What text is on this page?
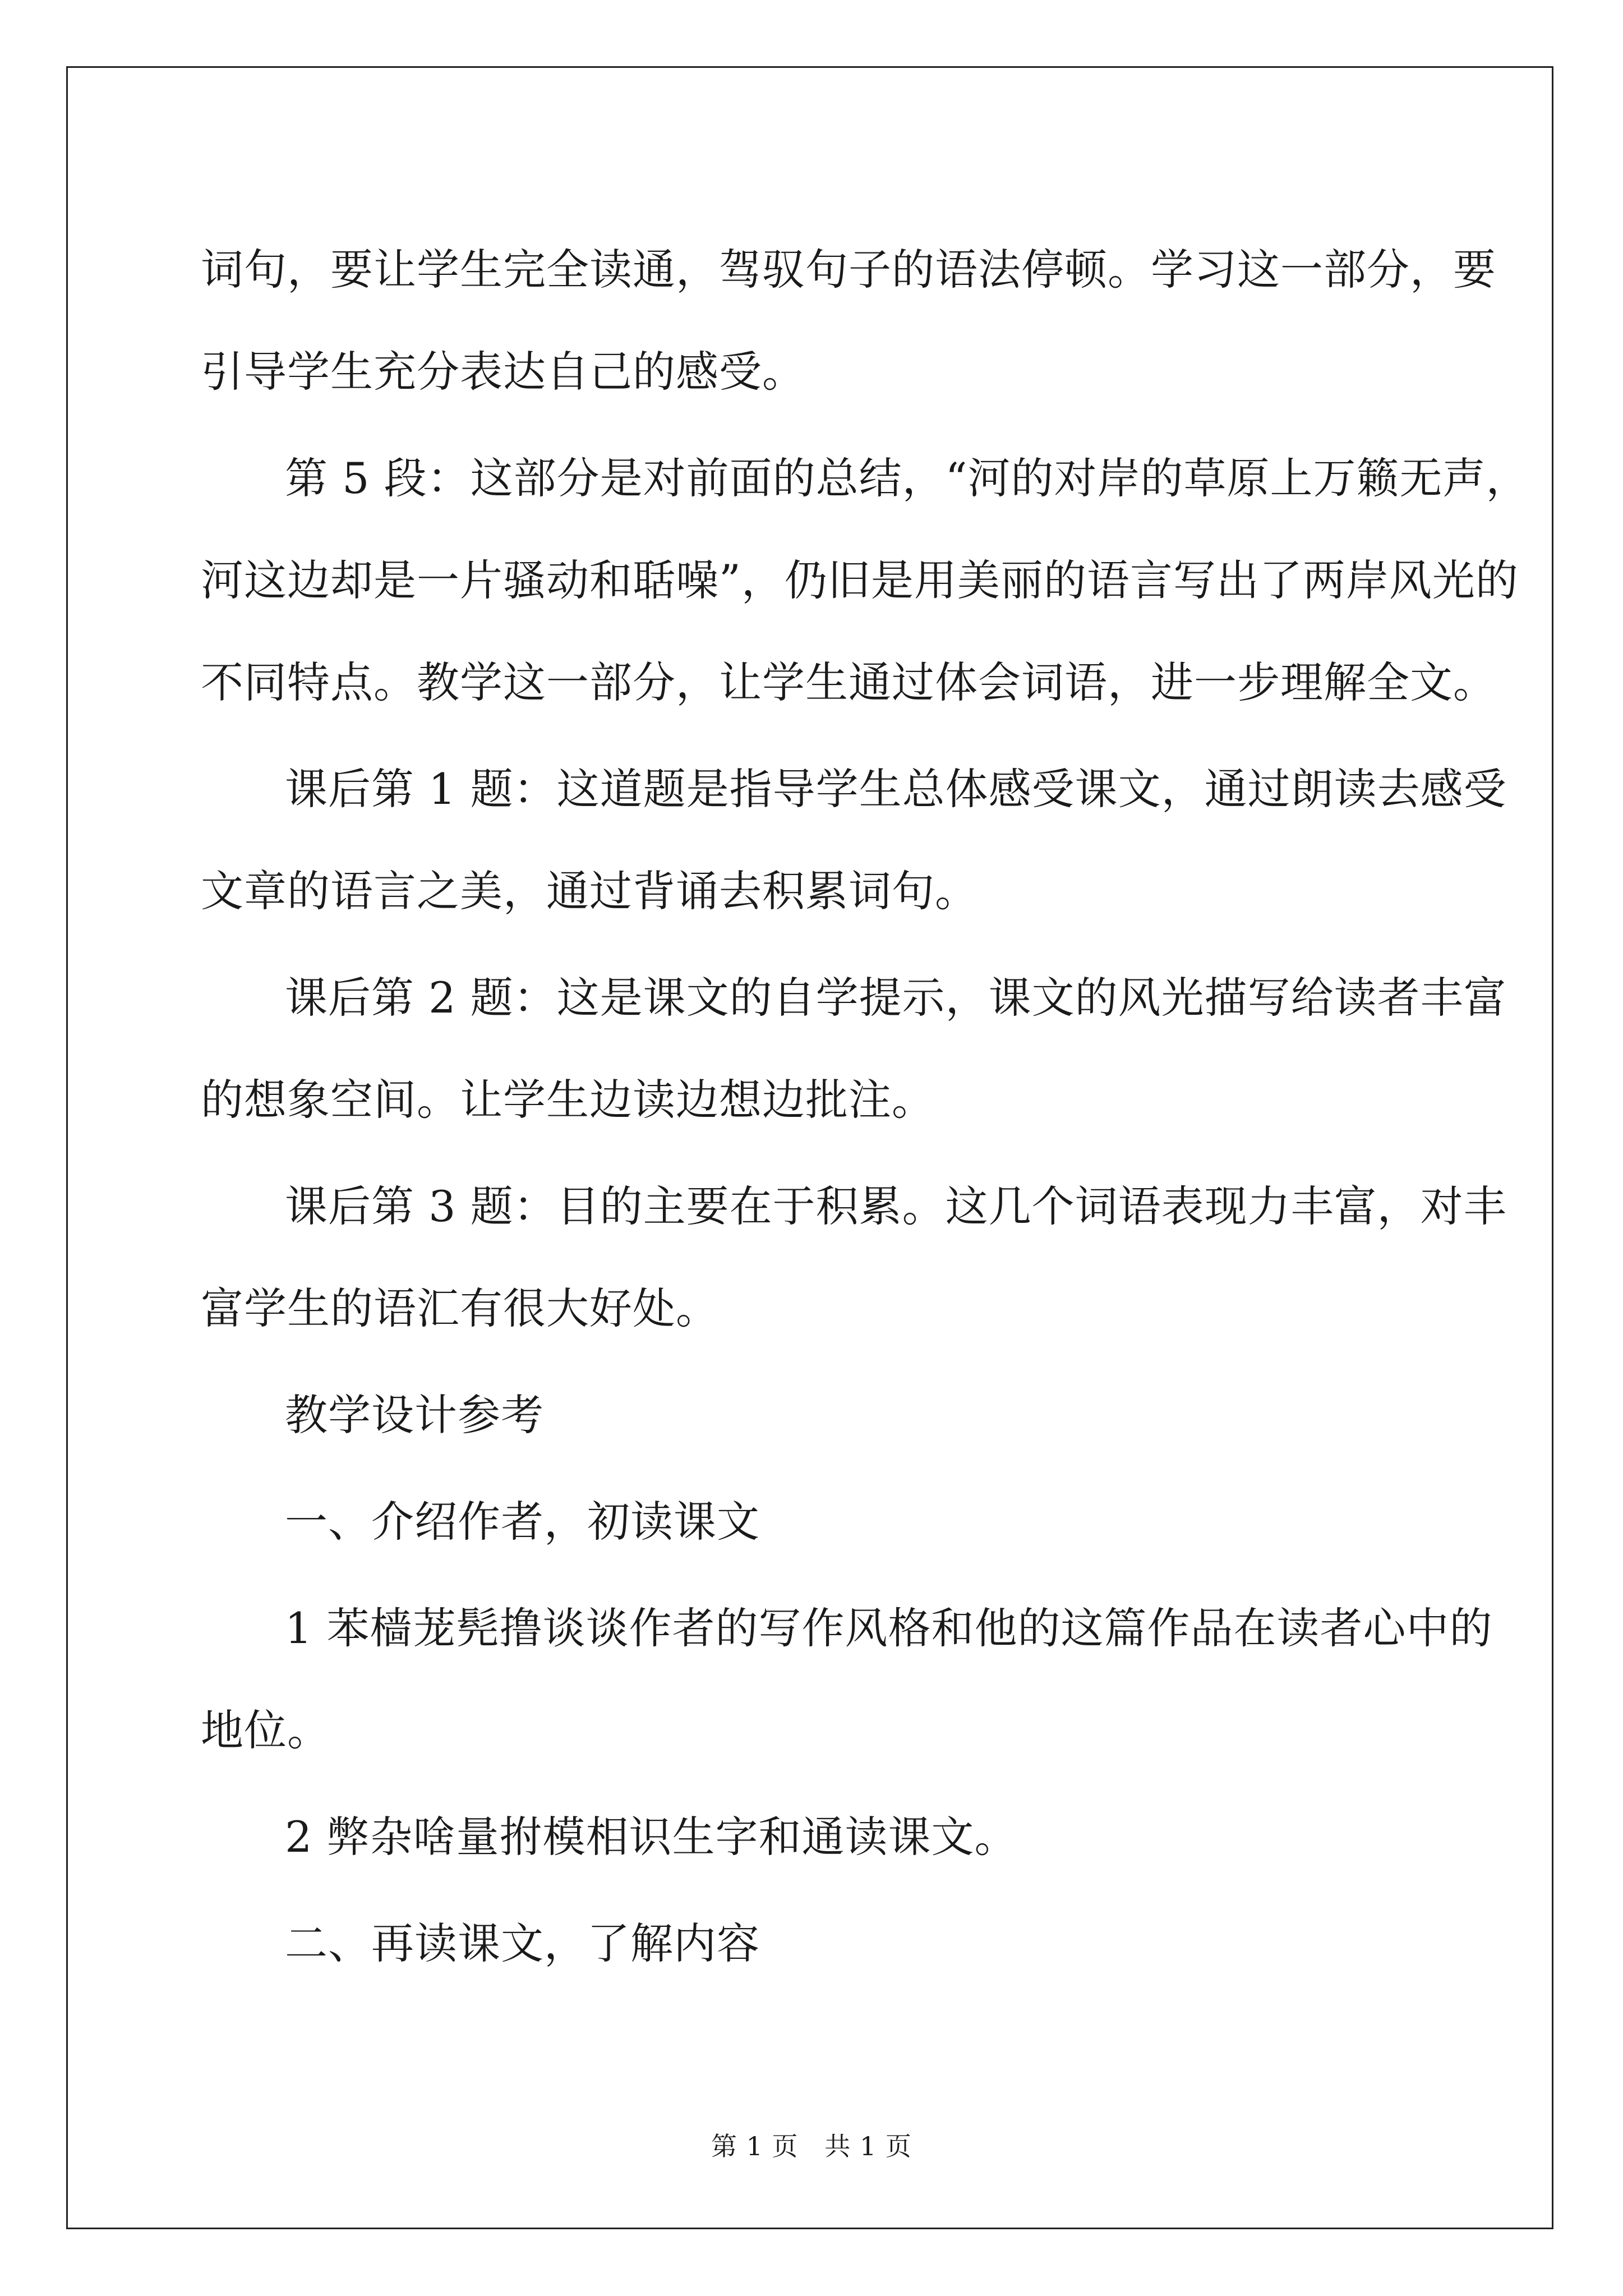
词句，要让学生完全读通，驾驭句子的语法停顿。学习这一部分，要
引导学生充分表达自己的感受。
第 5 段：这部分是对前面的总结，“河的对岸的草原上万籁无声，
河这边却是一片骚动和聒噪”，仍旧是用美丽的语言写出了两岸风光的
不同特点。教学这一部分，让学生通过体会词语，进一步理解全文。
课后第 1 题：这道题是指导学生总体感受课文，通过朗读去感受
文章的语言之美，通过背诵去积累词句。
课后第 2 题：这是课文的自学提示，课文的风光描写给读者丰富
的想象空间。让学生边读边想边批注。
课后第 3 题：目的主要在于积累。这几个词语表现力丰富，对丰
富学生的语汇有很大好处。
教学设计参考
一、介绍作者，初读课文
1 苯樯茏髡撸谈谈作者的写作风格和他的这篇作品在读者心中的
地位。
2 弊杂啥量拊模相识生字和通读课文。
二、再读课文，了解内容
第 1 页   共 1 页
